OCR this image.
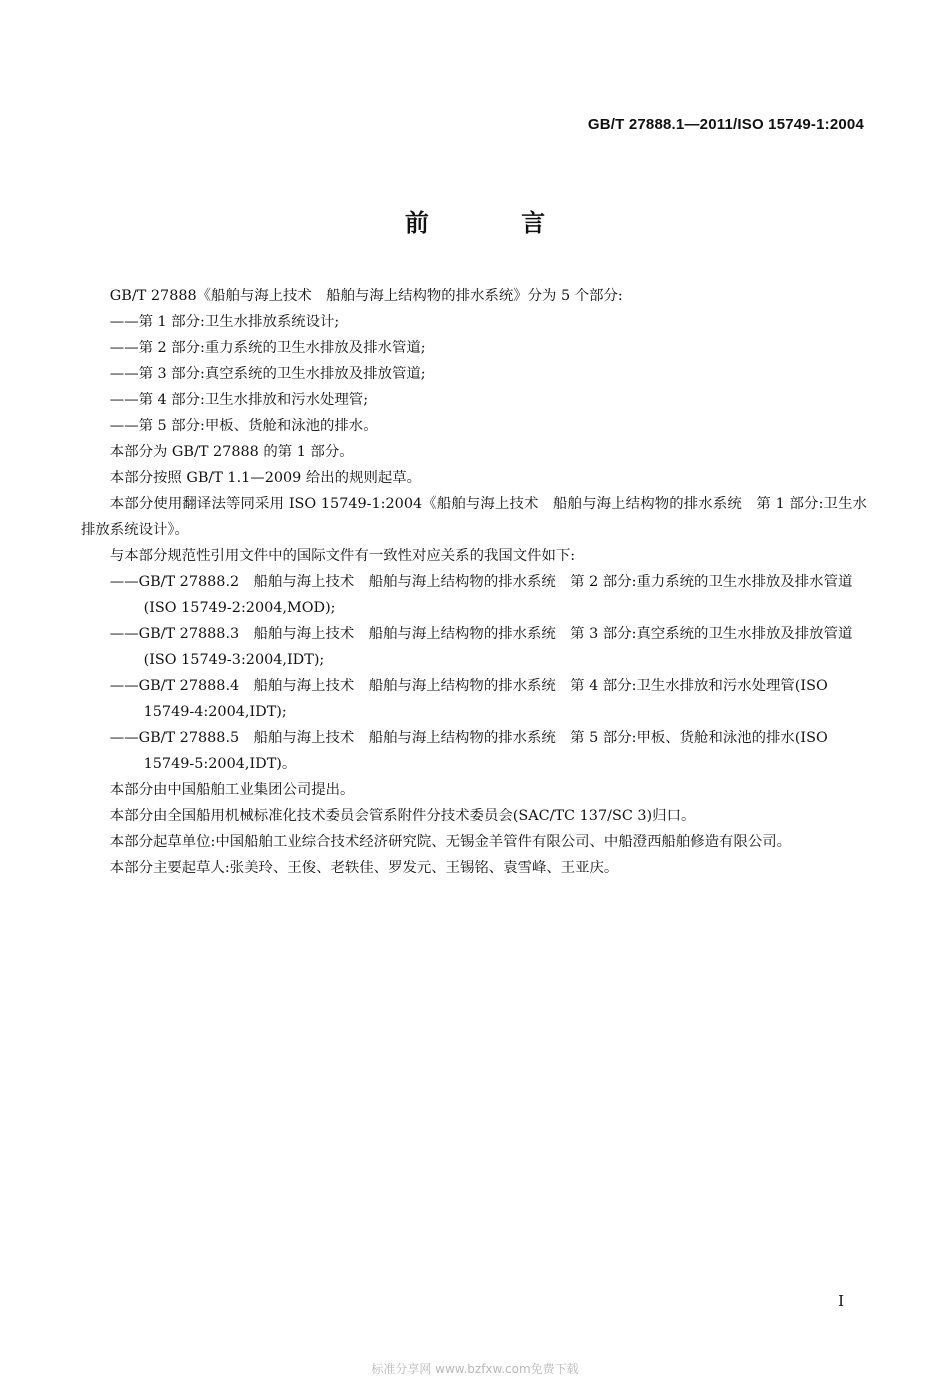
GB/T 27888.1—2011/ISO 15749-1:2004
前 言

GB/T 27888《船舶与海上技术　船舶与海上结构物的排水系统》分为 5 个部分:

——第 1 部分:卫生水排放系统设计;

——第 2 部分:重力系统的卫生水排放及排水管道;

——第 3 部分:真空系统的卫生水排放及排放管道;

——第 4 部分:卫生水排放和污水处理管;

——第 5 部分:甲板、货舱和泳池的排水。

本部分为 GB/T 27888 的第 1 部分。

本部分按照 GB/T 1.1—2009 给出的规则起草。

本部分使用翻译法等同采用 ISO 15749-1:2004《船舶与海上技术　船舶与海上结构物的排水系统　第 1 部分:卫生水排放系统设计》。

与本部分规范性引用文件中的国际文件有一致性对应关系的我国文件如下:

——GB/T 27888.2　船舶与海上技术　船舶与海上结构物的排水系统　第 2 部分:重力系统的卫生水排放及排水管道(ISO 15749-2:2004,MOD);

——GB/T 27888.3　船舶与海上技术　船舶与海上结构物的排水系统　第 3 部分:真空系统的卫生水排放及排放管道(ISO 15749-3:2004,IDT);

——GB/T 27888.4　船舶与海上技术　船舶与海上结构物的排水系统　第 4 部分:卫生水排放和污水处理管(ISO 15749-4:2004,IDT);

——GB/T 27888.5　船舶与海上技术　船舶与海上结构物的排水系统　第 5 部分:甲板、货舱和泳池的排水(ISO 15749-5:2004,IDT)。

本部分由中国船舶工业集团公司提出。

本部分由全国船用机械标准化技术委员会管系附件分技术委员会(SAC/TC 137/SC 3)归口。

本部分起草单位:中国船舶工业综合技术经济研究院、无锡金羊管件有限公司、中船澄西船舶修造有限公司。

本部分主要起草人:张美玲、王俊、老轶佳、罗发元、王锡铭、袁雪峰、王亚庆。

I
标准分享网 www.bzfxw.com免费下载
